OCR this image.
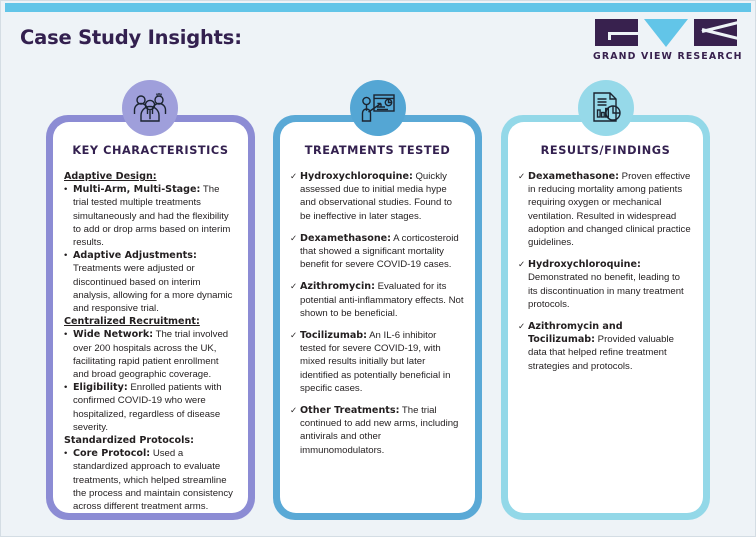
Case Study Insights:
GRAND VIEW RESEARCH
KEY CHARACTERISTICS

Adaptive Design:

• Multi-Arm, Multi-Stage: The trial tested multiple treatments simultaneously and had the flexibility to add or drop arms based on interim results.

• Adaptive Adjustments: Treatments were adjusted or discontinued based on interim analysis, allowing for a more dynamic and responsive trial.

Centralized Recruitment:

• Wide Network: The trial involved over 200 hospitals across the UK, facilitating rapid patient enrollment and broad geographic coverage.

• Eligibility: Enrolled patients with confirmed COVID-19 who were hospitalized, regardless of disease severity.

Standardized Protocols:

• Core Protocol: Used a standardized approach to evaluate treatments, which helped streamline the process and maintain consistency across different treatment arms.

TREATMENTS TESTED

✓ Hydroxychloroquine: Quickly assessed due to initial media hype and observational studies. Found to be ineffective in later stages.

✓ Dexamethasone: A corticosteroid that showed a significant mortality benefit for severe COVID-19 cases.

✓ Azithromycin: Evaluated for its potential anti-inflammatory effects. Not shown to be beneficial.

✓ Tocilizumab: An IL-6 inhibitor tested for severe COVID-19, with mixed results initially but later identified as potentially beneficial in specific cases.

✓ Other Treatments: The trial continued to add new arms, including antivirals and other immunomodulators.

RESULTS/FINDINGS

✓ Dexamethasone: Proven effective in reducing mortality among patients requiring oxygen or mechanical ventilation. Resulted in widespread adoption and changed clinical practice guidelines.

✓ Hydroxychloroquine: Demonstrated no benefit, leading to its discontinuation in many treatment protocols.

✓ Azithromycin and Tocilizumab: Provided valuable data that helped refine treatment strategies and protocols.
